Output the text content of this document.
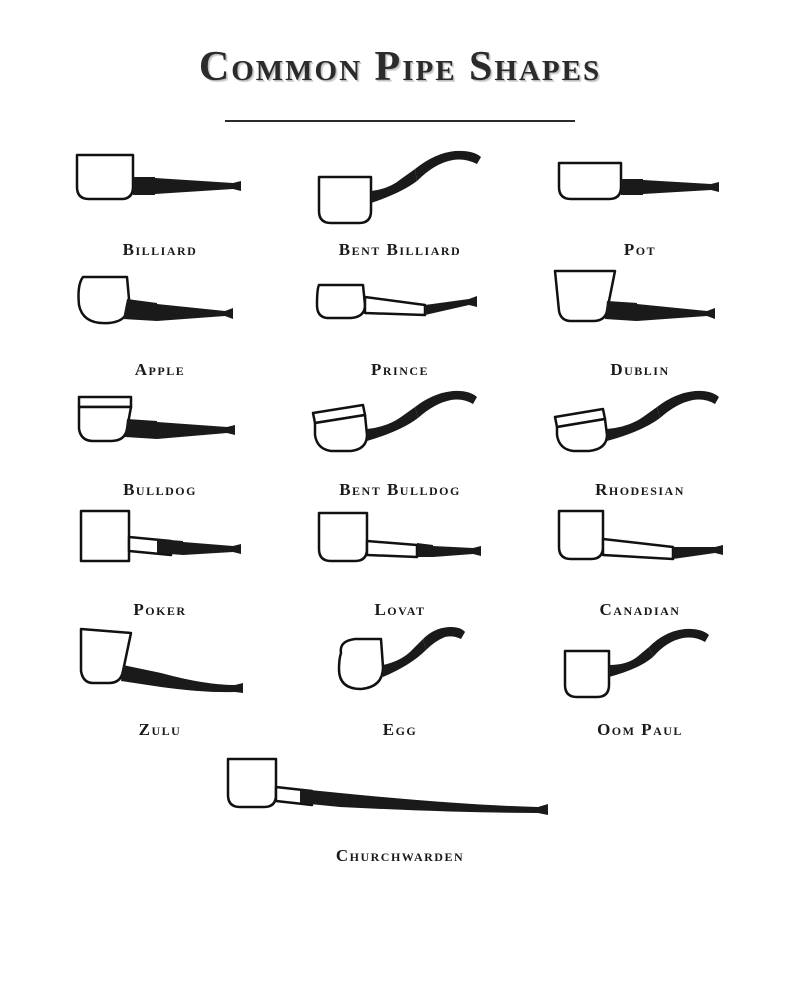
Common Pipe Shapes
Billiard	Bent Billiard	Pot
Apple	Prince	Dublin
Bulldog	Bent Bulldog	Rhodesian
Poker	Lovat	Canadian
Zulu	Egg	Oom Paul
Churchwarden
